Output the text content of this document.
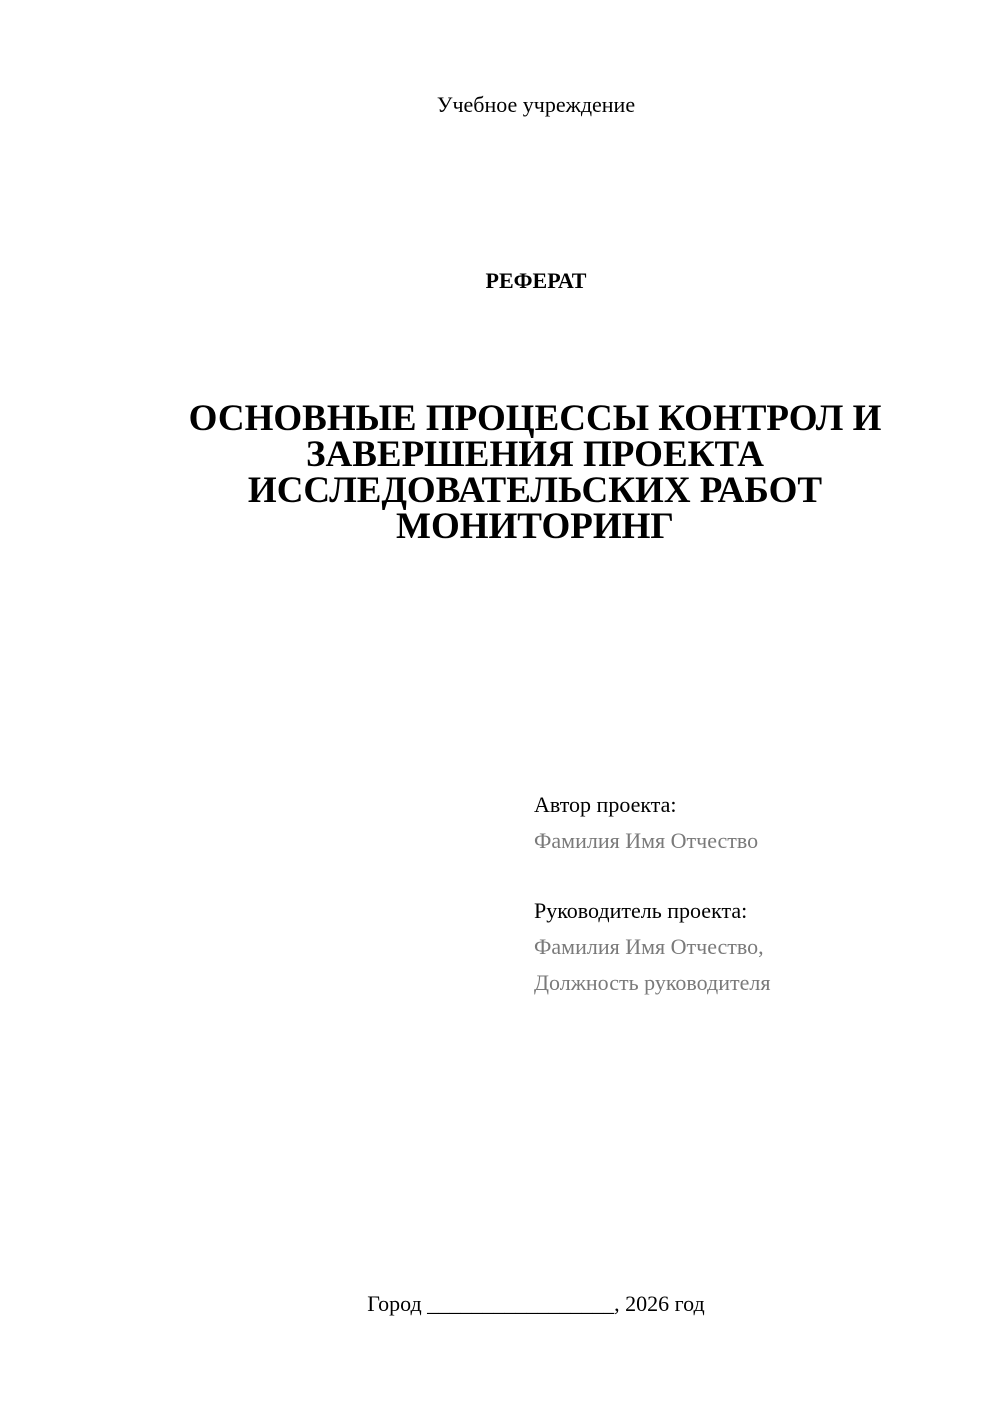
Учебное учреждение
РЕФЕРАТ
ОСНОВНЫЕ ПРОЦЕССЫ КОНТРОЛ И
ЗАВЕРШЕНИЯ ПРОЕКТА
ИССЛЕДОВАТЕЛЬСКИХ РАБОТ
МОНИТОРИНГ
Автор проекта:
Фамилия Имя Отчество
Руководитель проекта:
Фамилия Имя Отчество,
Должность руководителя
Город _________________, 2026 год
